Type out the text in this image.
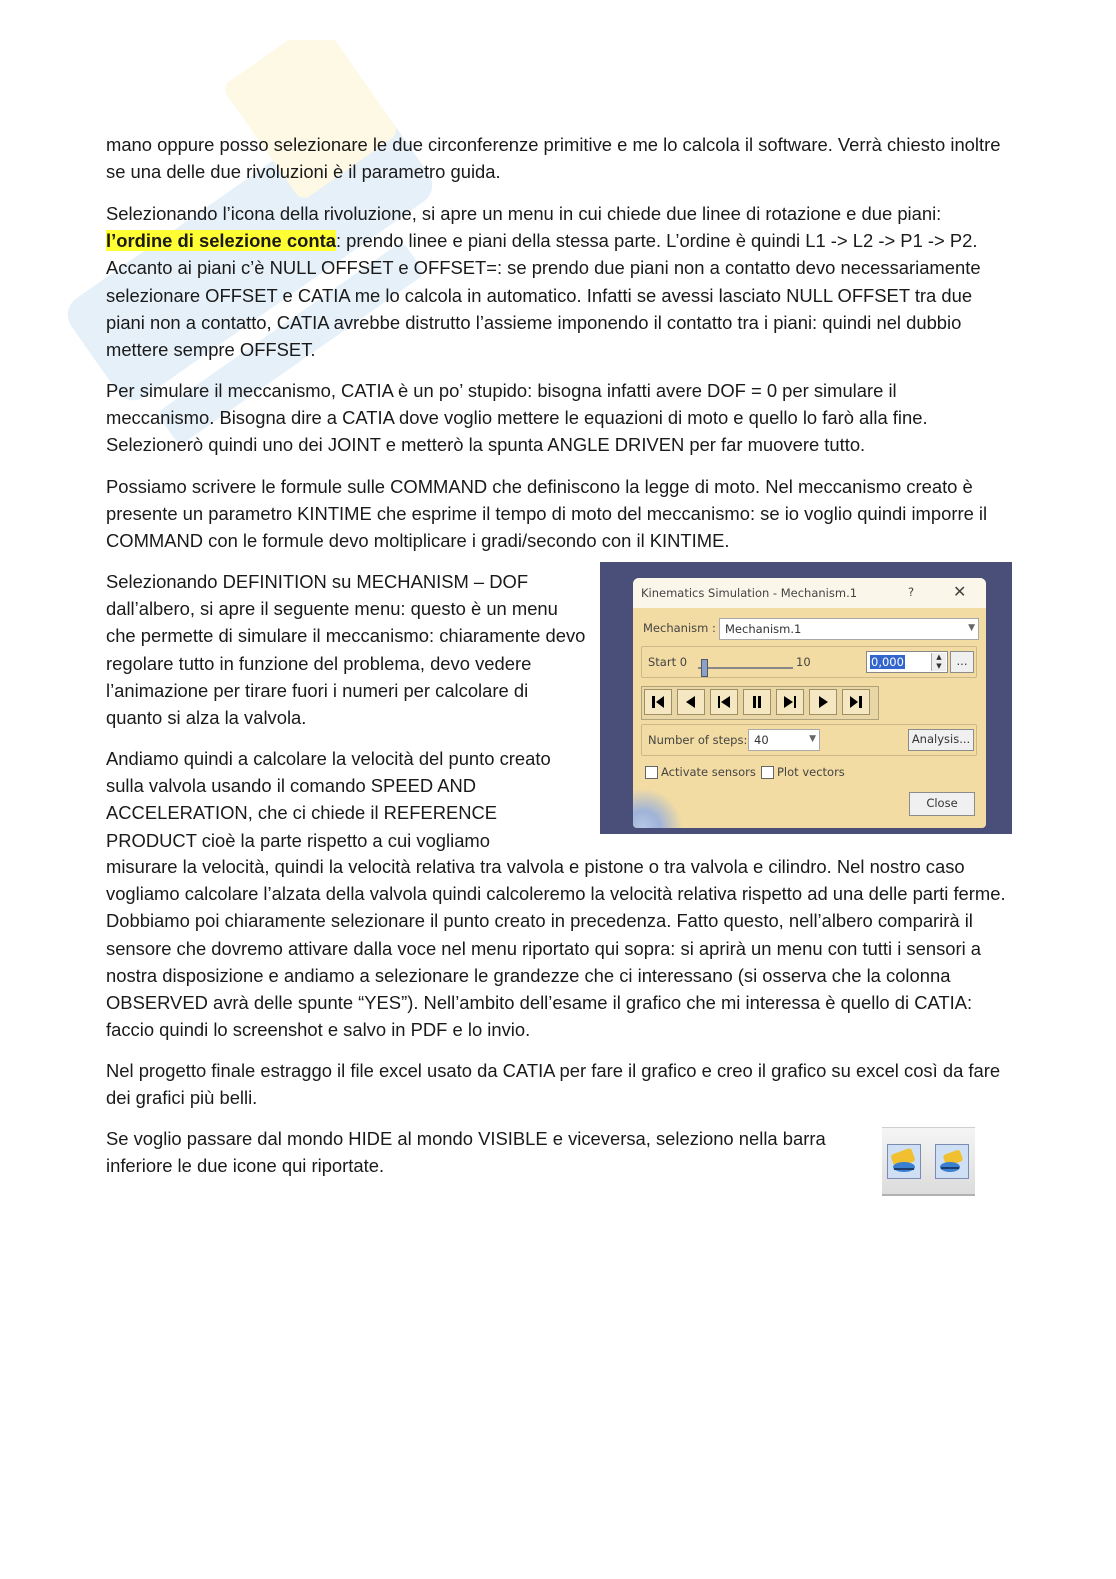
mano oppure posso selezionare le due circonferenze primitive e me lo calcola il software. Verrà chiesto inoltre se una delle due rivoluzioni è il parametro guida.

Selezionando l’icona della rivoluzione, si apre un menu in cui chiede due linee di rotazione e due piani: l’ordine di selezione conta: prendo linee e piani della stessa parte. L’ordine è quindi L1 -> L2 -> P1 -> P2. Accanto ai piani c’è NULL OFFSET e OFFSET=: se prendo due piani non a contatto devo necessariamente selezionare OFFSET e CATIA me lo calcola in automatico. Infatti se avessi lasciato NULL OFFSET tra due piani non a contatto, CATIA avrebbe distrutto l’assieme imponendo il contatto tra i piani: quindi nel dubbio mettere sempre OFFSET.

Per simulare il meccanismo, CATIA è un po’ stupido: bisogna infatti avere DOF = 0 per simulare il meccanismo. Bisogna dire a CATIA dove voglio mettere le equazioni di moto e quello lo farò alla fine. Selezionerò quindi uno dei JOINT e metterò la spunta ANGLE DRIVEN per far muovere tutto.

Possiamo scrivere le formule sulle COMMAND che definiscono la legge di moto. Nel meccanismo creato è presente un parametro KINTIME che esprime il tempo di moto del meccanismo: se io voglio quindi imporre il COMMAND con le formule devo moltiplicare i gradi/secondo con il KINTIME.

Selezionando DEFINITION su MECHANISM – DOF dall’albero, si apre il seguente menu: questo è un menu che permette di simulare il meccanismo: chiaramente devo regolare tutto in funzione del problema, devo vedere l’animazione per tirare fuori i numeri per calcolare di quanto si alza la valvola.

Andiamo quindi a calcolare la velocità del punto creato sulla valvola usando il comando SPEED AND ACCELERATION, che ci chiede il REFERENCE PRODUCT cioè la parte rispetto a cui vogliamo

misurare la velocità, quindi la velocità relativa tra valvola e pistone o tra valvola e cilindro. Nel nostro caso vogliamo calcolare l’alzata della valvola quindi calcoleremo la velocità relativa rispetto ad una delle parti ferme. Dobbiamo poi chiaramente selezionare il punto creato in precedenza. Fatto questo, nell’albero comparirà il sensore che dovremo attivare dalla voce nel menu riportato qui sopra: si aprirà un menu con tutti i sensori a nostra disposizione e andiamo a selezionare le grandezze che ci interessano (si osserva che la colonna OBSERVED avrà delle spunte “YES”). Nell’ambito dell’esame il grafico che mi interessa è quello di CATIA: faccio quindi lo screenshot e salvo in PDF e lo invio.

Nel progetto finale estraggo il file excel usato da CATIA per fare il grafico e creo il grafico su excel così da fare dei grafici più belli.

Se voglio passare dal mondo HIDE al mondo VISIBLE e viceversa, seleziono nella barra inferiore le due icone qui riportate.

Kinematics Simulation - Mechanism.1	? ✕
Mechanism : Mechanism.1	▼
Start 0	10	0,000	▲
▼	...
Number of steps: 40	▼	Analysis...
Activate sensors Plot vectors
Close
